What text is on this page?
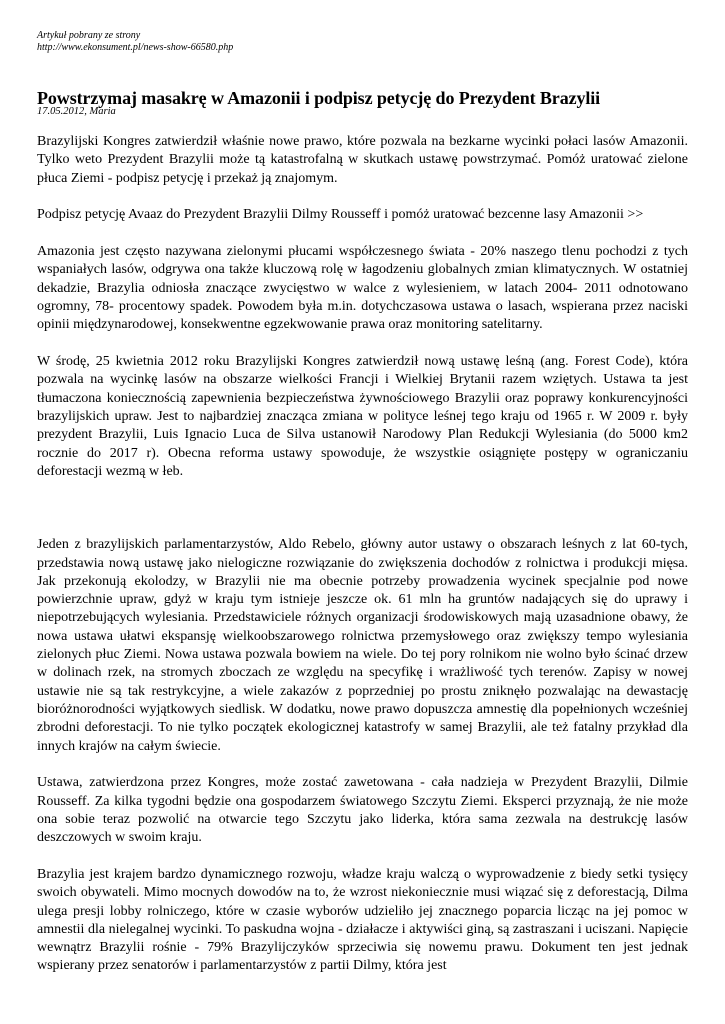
Artykuł pobrany ze strony
http://www.ekonsument.pl/news-show-66580.php
Powstrzymaj masakrę w Amazonii i podpisz petycję do Prezydent Brazylii
17.05.2012, Maria

Brazylijski Kongres zatwierdził właśnie nowe prawo, które pozwala na bezkarne wycinki połaci lasów Amazonii. Tylko weto Prezydent Brazylii może tą katastrofalną w skutkach ustawę powstrzymać. Pomóż uratować zielone płuca Ziemi - podpisz petycję i przekaż ją znajomym.

Podpisz petycję Avaaz do Prezydent Brazylii Dilmy Rousseff i pomóż uratować bezcenne lasy Amazonii >>

Amazonia jest często nazywana zielonymi płucami współczesnego świata - 20% naszego tlenu pochodzi z tych wspaniałych lasów, odgrywa ona także kluczową rolę w łagodzeniu globalnych zmian klimatycznych. W ostatniej dekadzie, Brazylia odniosła znaczące zwycięstwo w walce z wylesieniem, w latach 2004- 2011 odnotowano ogromny, 78- procentowy spadek. Powodem była m.in. dotychczasowa ustawa o lasach, wspierana przez naciski opinii międzynarodowej, konsekwentne egzekwowanie prawa oraz monitoring satelitarny.

W środę, 25 kwietnia 2012 roku Brazylijski Kongres zatwierdził nową ustawę leśną (ang. Forest Code), która pozwala na wycinkę lasów na obszarze wielkości Francji i Wielkiej Brytanii razem wziętych. Ustawa ta jest tłumaczona koniecznością zapewnienia bezpieczeństwa żywnościowego Brazylii oraz poprawy konkurencyjności brazylijskich upraw. Jest to najbardziej znacząca zmiana w polityce leśnej tego kraju od 1965 r. W 2009 r. były prezydent Brazylii, Luis Ignacio Luca de Silva ustanowił Narodowy Plan Redukcji Wylesiania (do 5000 km2 rocznie do 2017 r). Obecna reforma ustawy spowoduje, że wszystkie osiągnięte postępy w ograniczaniu deforestacji wezmą w łeb.

Jeden z brazylijskich parlamentarzystów, Aldo Rebelo, główny autor ustawy o obszarach leśnych z lat 60-tych, przedstawia nową ustawę jako nielogiczne rozwiązanie do zwiększenia dochodów z rolnictwa i produkcji mięsa. Jak przekonują ekolodzy, w Brazylii nie ma obecnie potrzeby prowadzenia wycinek specjalnie pod nowe powierzchnie upraw, gdyż w kraju tym istnieje jeszcze ok. 61 mln ha gruntów nadających się do uprawy i niepotrzebujących wylesiania. Przedstawiciele różnych organizacji środowiskowych mają uzasadnione obawy, że nowa ustawa ułatwi ekspansję wielkoobszarowego rolnictwa przemysłowego oraz zwiększy tempo wylesiania zielonych płuc Ziemi. Nowa ustawa pozwala bowiem na wiele. Do tej pory rolnikom nie wolno było ścinać drzew w dolinach rzek, na stromych zboczach ze względu na specyfikę i wrażliwość tych terenów. Zapisy w nowej ustawie nie są tak restrykcyjne, a wiele zakazów z poprzedniej po prostu zniknęło pozwalając na dewastację bioróżnorodności wyjątkowych siedlisk. W dodatku, nowe prawo dopuszcza amnestię dla popełnionych wcześniej zbrodni deforestacji. To nie tylko początek ekologicznej katastrofy w samej Brazylii, ale też fatalny przykład dla innych krajów na całym świecie.

Ustawa, zatwierdzona przez Kongres, może zostać zawetowana - cała nadzieja w Prezydent Brazylii, Dilmie Rousseff. Za kilka tygodni będzie ona gospodarzem światowego Szczytu Ziemi. Eksperci przyznają, że nie może ona sobie teraz pozwolić na otwarcie tego Szczytu jako liderka, która sama zezwala na destrukcję lasów deszczowych w swoim kraju.

Brazylia jest krajem bardzo dynamicznego rozwoju, władze kraju walczą o wyprowadzenie z biedy setki tysięcy swoich obywateli. Mimo mocnych dowodów na to, że wzrost niekoniecznie musi wiązać się z deforestacją, Dilma ulega presji lobby rolniczego, które w czasie wyborów udzieliło jej znacznego poparcia licząc na jej pomoc w amnestii dla nielegalnej wycinki. To paskudna wojna - działacze i aktywiści giną, są zastraszani i uciszani. Napięcie wewnątrz Brazylii rośnie - 79% Brazylijczyków sprzeciwia się nowemu prawu. Dokument ten jest jednak wspierany przez senatorów i parlamentarzystów z partii Dilmy, która jest
